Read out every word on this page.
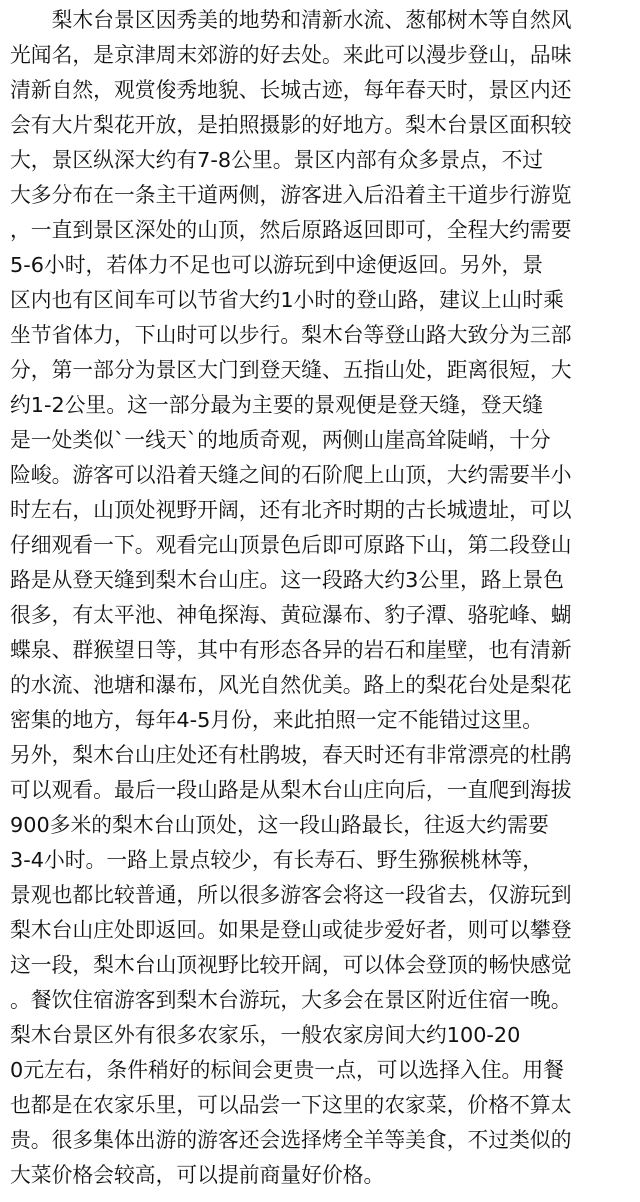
　　梨木台景区因秀美的地势和清新水流、葱郁树木等自然风
光闻名，是京津周末郊游的好去处。来此可以漫步登山，品味
清新自然，观赏俊秀地貌、长城古迹，每年春天时，景区内还
会有大片梨花开放，是拍照摄影的好地方。梨木台景区面积较
大，景区纵深大约有7-8公里。景区内部有众多景点，不过
大多分布在一条主干道两侧，游客进入后沿着主干道步行游览
，一直到景区深处的山顶，然后原路返回即可，全程大约需要
5-6小时，若体力不足也可以游玩到中途便返回。另外，景
区内也有区间车可以节省大约1小时的登山路，建议上山时乘
坐节省体力，下山时可以步行。梨木台等登山路大致分为三部
分，第一部分为景区大门到登天缝、五指山处，距离很短，大
约1-2公里。这一部分最为主要的景观便是登天缝，登天缝
是一处类似`一线天`的地质奇观，两侧山崖高耸陡峭，十分
险峻。游客可以沿着天缝之间的石阶爬上山顶，大约需要半小
时左右，山顶处视野开阔，还有北齐时期的古长城遗址，可以
仔细观看一下。观看完山顶景色后即可原路下山，第二段登山
路是从登天缝到梨木台山庄。这一段路大约3公里，路上景色
很多，有太平池、神龟探海、黄砬瀑布、豹子潭、骆驼峰、蝴
蝶泉、群猴望日等，其中有形态各异的岩石和崖壁，也有清新
的水流、池塘和瀑布，风光自然优美。路上的梨花台处是梨花
密集的地方，每年4-5月份，来此拍照一定不能错过这里。
另外，梨木台山庄处还有杜鹃坡，春天时还有非常漂亮的杜鹃
可以观看。最后一段山路是从梨木台山庄向后，一直爬到海拔
900多米的梨木台山顶处，这一段山路最长，往返大约需要
3-4小时。一路上景点较少，有长寿石、野生猕猴桃林等，
景观也都比较普通，所以很多游客会将这一段省去，仅游玩到
梨木台山庄处即返回。如果是登山或徒步爱好者，则可以攀登
这一段，梨木台山顶视野比较开阔，可以体会登顶的畅快感觉
。餐饮住宿游客到梨木台游玩，大多会在景区附近住宿一晚。
梨木台景区外有很多农家乐，一般农家房间大约100-20
0元左右，条件稍好的标间会更贵一点，可以选择入住。用餐
也都是在农家乐里，可以品尝一下这里的农家菜，价格不算太
贵。很多集体出游的游客还会选择烤全羊等美食，不过类似的
大菜价格会较高，可以提前商量好价格。
